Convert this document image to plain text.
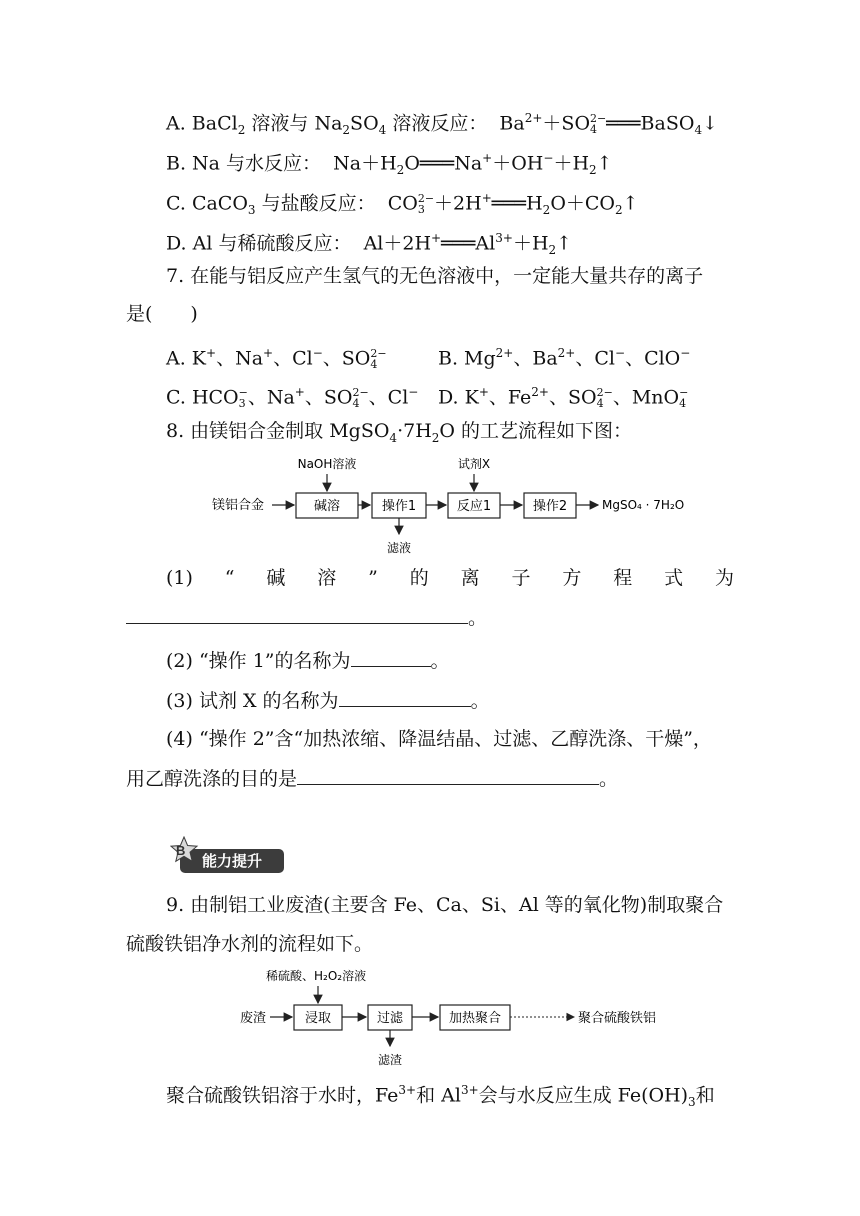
A. BaCl$_2$ 溶液与 $Na_2SO_4$ 溶液反应： $Ba^{2+}+SO$ 2−
4 ═══BaSO$_4$↓
B. Na 与水反应： $Na+H_2O═══Na^++OH^-+H_2↑$
C. CaCO$_3$ 与盐酸反应： CO 2−
$3 +2H^+═══H_2O+CO_2↑$
D. Al 与稀硫酸反应： $Al+2H^+═══Al^{3+}+H_2↑$
7. 在能与铝反应产生氢气的无色溶液中，一定能大量共存的离子
是(　　)
A. K+、Na+、Cl−、SO 2−
4	B. $Mg^{2+}$、$Ba^{2+}$、Cl−、ClO−
C. HCO −
3 、Na+、SO 2−
4 、Cl− D. K+、$Fe^{2+}$、SO 2−
4 、MnO −
4
8. 由镁铝合金制取 $MgSO_4\cdot 7H_2O$ 的工艺流程如下图：
镁铝合金	碱溶	操作1	反应1	操作2	MgSO₄ · 7H₂O
NaOH溶液	试剂X
滤液
(1) “ 碱 溶 ” 的 离 子 方 程 式 为
。
(2) “操作 1”的名称为	。
(3) 试剂 X 的名称为	。
(4) “操作 2”含“加热浓缩、降温结晶、过滤、乙醇洗涤、干燥”，
用乙醇洗涤的目的是	。
B
能力提升
9. 由制铝工业废渣(主要含 Fe、Ca、Si、Al 等的氧化物)制取聚合
硫酸铁铝净水剂的流程如下。
稀硫酸、H₂O₂溶液
废渣	浸取	过滤	加热聚合	聚合硫酸铁铝
滤渣
聚合硫酸铁铝溶于水时，$Fe^{3+}$和 $Al^{3+}$会与水反应生成 $Fe(OH)_3$和
